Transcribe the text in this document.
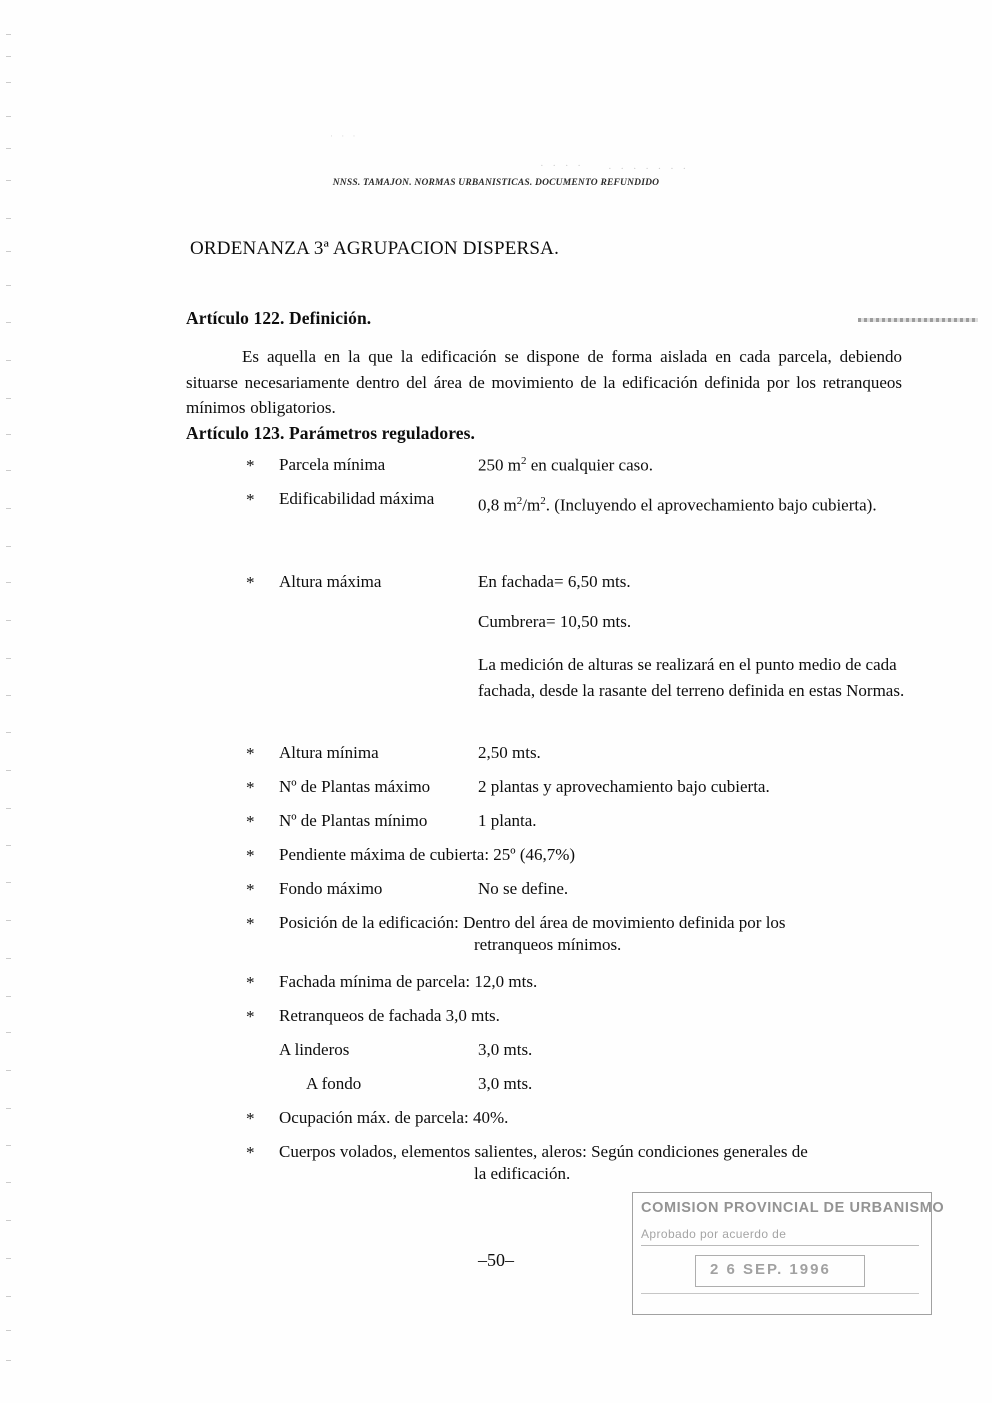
· · ·
· · · · · · · · · · ·
NNSS. TAMAJON. NORMAS URBANISTICAS. DOCUMENTO REFUNDIDO
ORDENANZA 3ª AGRUPACION DISPERSA.
Artículo 122. Definición.
Es aquella en la que la edificación se dispone de forma aislada en cada parcela, debiendo situarse necesariamente dentro del área de movimiento de la edificación definida por los retranqueos mínimos obligatorios.
Artículo 123. Parámetros reguladores.
*	Parcela mínima	250 $m^2$ en cualquier caso.
*	Edificabilidad máxima	0,8 $m^2/m^2$. (Incluyendo el aprovechamiento bajo cubierta).
*	Altura máxima	En fachada= 6,50 mts.
Cumbrera= 10,50 mts.
La medición de alturas se realizará en el punto medio de cada fachada, desde la rasante del terreno definida en estas Normas.
*	Altura mínima	2,50 mts.
*	Nº de Plantas máximo	2 plantas y aprovechamiento bajo cubierta.
*	Nº de Plantas mínimo	1 planta.
*	Pendiente máxima de cubierta: 25º (46,7%)
*	Fondo máximo	No se define.
*	Posición de la edificación: Dentro del área de movimiento definida por los
retranqueos mínimos.
*	Fachada mínima de parcela: 12,0 mts.
*	Retranqueos de fachada 3,0 mts.
A linderos	3,0 mts.
A fondo	3,0 mts.
*	Ocupación máx. de parcela: 40%.
*	Cuerpos volados, elementos salientes, aleros: Según condiciones generales de
la edificación.
COMISION PROVINCIAL DE URBANISMO
Aprobado por acuerdo de
2 6 SEP. 1996
–50–
